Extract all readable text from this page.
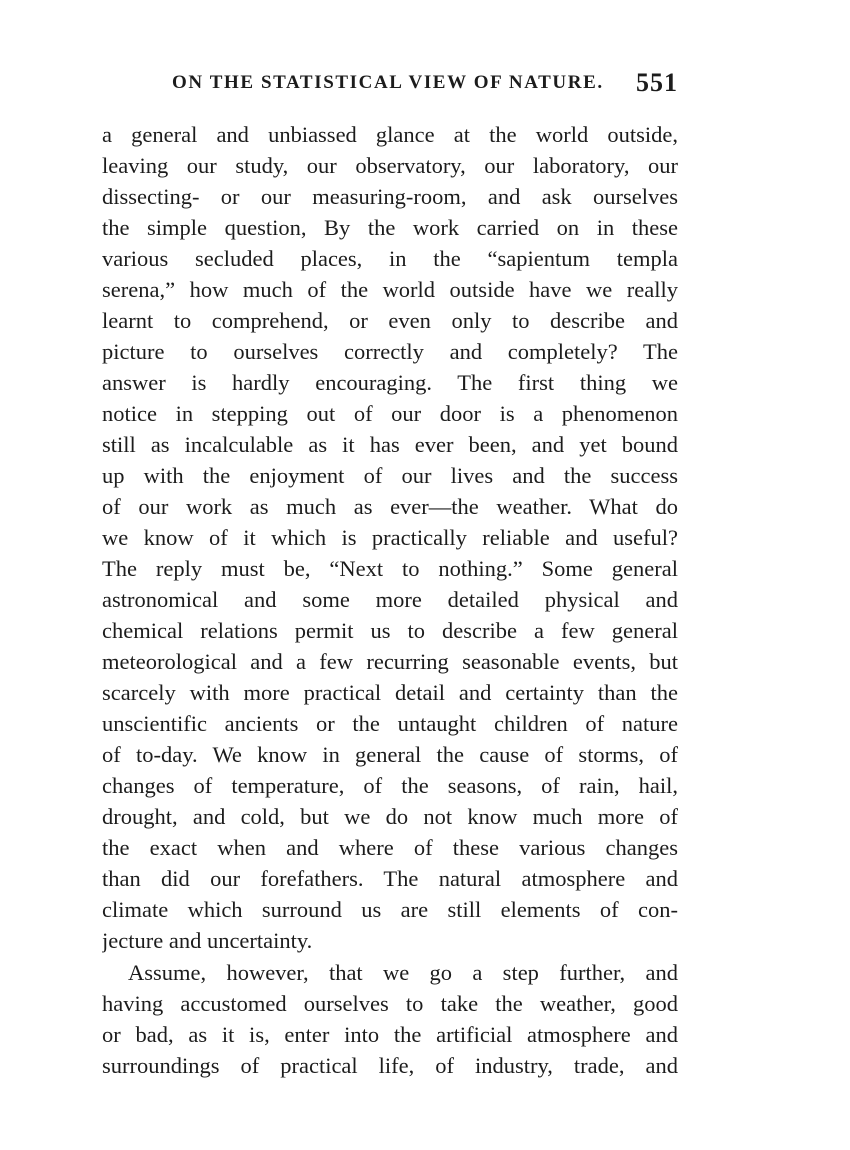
ON THE STATISTICAL VIEW OF NATURE. 551
a general and unbiassed glance at the world outside,
leaving our study, our observatory, our laboratory, our
dissecting- or our measuring-room, and ask ourselves
the simple question, By the work carried on in these
various secluded places, in the “sapientum templa
serena,” how much of the world outside have we really
learnt to comprehend, or even only to describe and
picture to ourselves correctly and completely? The
answer is hardly encouraging. The first thing we
notice in stepping out of our door is a phenomenon
still as incalculable as it has ever been, and yet bound
up with the enjoyment of our lives and the success
of our work as much as ever—the weather. What do
we know of it which is practically reliable and useful?
The reply must be, “Next to nothing.” Some general
astronomical and some more detailed physical and
chemical relations permit us to describe a few general
meteorological and a few recurring seasonable events, but
scarcely with more practical detail and certainty than the
unscientific ancients or the untaught children of nature
of to-day. We know in general the cause of storms, of
changes of temperature, of the seasons, of rain, hail,
drought, and cold, but we do not know much more of
the exact when and where of these various changes
than did our forefathers. The natural atmosphere and
climate which surround us are still elements of con-
jecture and uncertainty.
Assume, however, that we go a step further, and
having accustomed ourselves to take the weather, good
or bad, as it is, enter into the artificial atmosphere and
surroundings of practical life, of industry, trade, and
